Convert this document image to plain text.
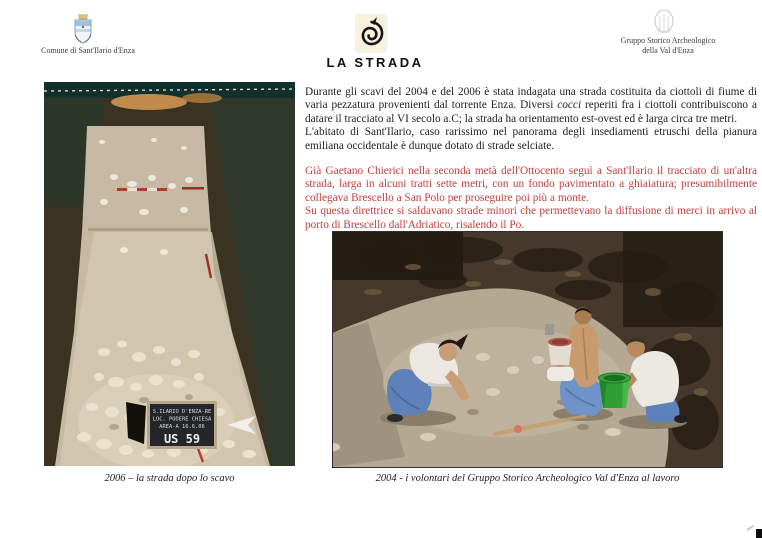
Comune di Sant'Ilario d'Enza
LA STRADA
Gruppo Storico Archeologico
della Val d'Enza

Durante gli scavi del 2004 e del 2006 è stata indagata una strada costituita da ciottoli di fiume di varia pezzatura provenienti dal torrente Enza. Diversi cocci reperiti fra i ciottoli contribuiscono a datare il tracciato al VI secolo a.C; la strada ha orientamento est-ovest ed è larga circa tre metri.

L'abitato di Sant'Ilario, caso rarissimo nel panorama degli insediamenti etruschi della pianura emiliana occidentale è dunque dotato di strade selciate.

Già Gaetano Chierici nella seconda metà dell'Ottocento seguì a Sant'Ilario il tracciato di un'altra strada, larga in alcuni tratti sette metri, con un fondo pavimentato a ghiaiatura; presumibilmente collegava Brescello a San Polo per proseguire poi più a monte.

Su questa direttrice si saldavano strade minori che permettevano la diffusione di merci in arrivo al porto di Brescello dall'Adriatico, risalendo il Po.

S.ILARIO D'ENZA-RE
LOC. PODERE CHIESA
AREA-A 16.6.06
US 59
2006 – la strada dopo lo scavo	2004 - i volontari del Gruppo Storico Archeologico Val d'Enza al lavoro
